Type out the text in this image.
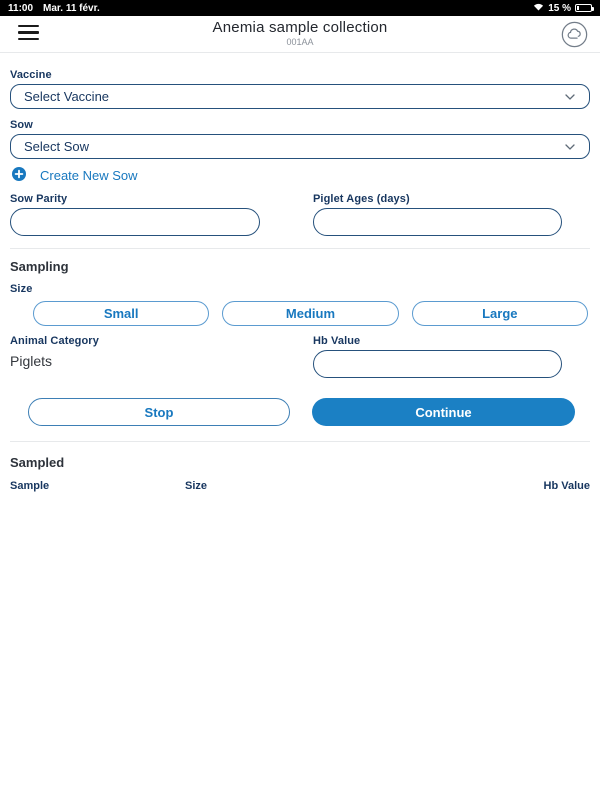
11:00 Mar. 11 févr.	15 %
Anemia sample collection
001AA
Vaccine
Select Vaccine
Sow
Select Sow
Create New Sow
Sow Parity	Piglet Ages (days)
Sampling
Size
Small	Medium	Large
Animal Category
Piglets
Hb Value
Stop	Continue
Sampled
Sample	Size	Hb Value
